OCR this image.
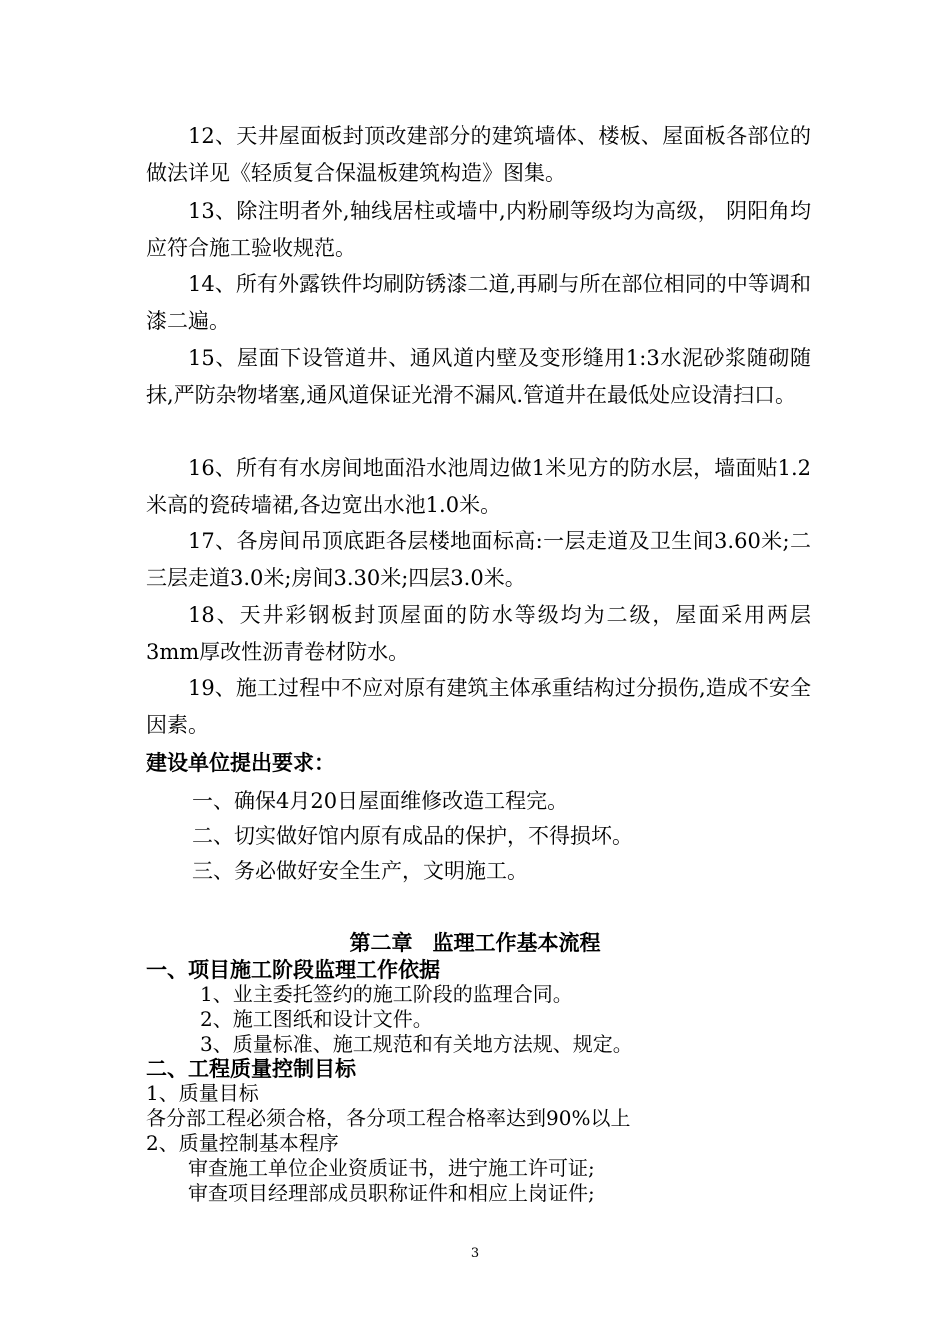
12、天井屋面板封顶改建部分的建筑墙体、楼板、屋面板各部位的做法详见《轻质复合保温板建筑构造》图集。

13、除注明者外,轴线居柱或墙中,内粉刷等级均为高级， 阴阳角均应符合施工验收规范。

14、所有外露铁件均刷防锈漆二道,再刷与所在部位相同的中等调和漆二遍。

15、屋面下设管道井、通风道内壁及变形缝用1:3水泥砂浆随砌随抹,严防杂物堵塞,通风道保证光滑不漏风.管道井在最低处应设清扫口。

16、所有有水房间地面沿水池周边做1米见方的防水层，墙面贴1.2米高的瓷砖墙裙,各边宽出水池1.0米。

17、各房间吊顶底距各层楼地面标高:一层走道及卫生间3.60米;二三层走道3.0米;房间3.30米;四层3.0米。

18、天井彩钢板封顶屋面的防水等级均为二级，屋面采用两层3mm厚改性沥青卷材防水。

19、施工过程中不应对原有建筑主体承重结构过分损伤,造成不安全因素。

建设单位提出要求：

一、确保4月20日屋面维修改造工程完。

二、切实做好馆内原有成品的保护，不得损坏。

三、务必做好安全生产，文明施工。

第二章 监理工作基本流程

一、项目施工阶段监理工作依据

1、业主委托签约的施工阶段的监理合同。

2、施工图纸和设计文件。

3、质量标准、施工规范和有关地方法规、规定。

二、工程质量控制目标

1、质量目标

各分部工程必须合格，各分项工程合格率达到90%以上

2、质量控制基本程序

审查施工单位企业资质证书，进宁施工许可证;

审查项目经理部成员职称证件和相应上岗证件;

3
